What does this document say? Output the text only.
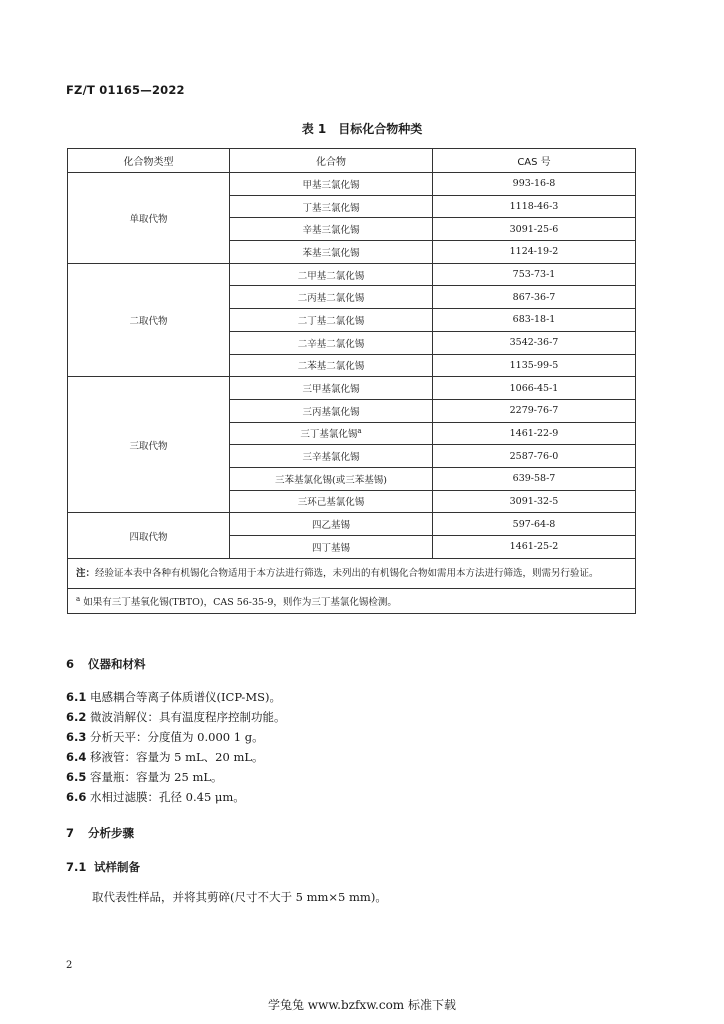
FZ/T 01165—2022
表 1　目标化合物种类
化合物类型	化合物	CAS 号
单取代物	甲基三氯化锡	993-16-8
	丁基三氯化锡	1118-46-3
	辛基三氯化锡	3091-25-6
	苯基三氯化锡	1124-19-2
二取代物	二甲基二氯化锡	753-73-1
	二丙基二氯化锡	867-36-7
	二丁基二氯化锡	683-18-1
	二辛基二氯化锡	3542-36-7
	二苯基二氯化锡	1135-99-5
三取代物	三甲基氯化锡	1066-45-1
	三丙基氯化锡	2279-76-7
	三丁基氯化锡$^a$	1461-22-9
	三辛基氯化锡	2587-76-0
	三苯基氯化锡(或三苯基锡)	639-58-7
	三环己基氯化锡	3091-32-5
四取代物	四乙基锡	597-64-8
	四丁基锡	1461-25-2
注：经验证本表中各种有机锡化合物适用于本方法进行筛选，未列出的有机锡化合物如需用本方法进行筛选，则需另行验证。		
$^a$ 如果有三丁基氧化锡(TBTO)，CAS 56-35-9，则作为三丁基氯化锡检测。		
6 仪器和材料
6.1 电感耦合等离子体质谱仪(ICP-MS)。
6.2 微波消解仪：具有温度程序控制功能。
6.3 分析天平：分度值为 0.000 1 g。
6.4 移液管：容量为 5 mL、20 mL。
6.5 容量瓶：容量为 25 mL。
6.6 水相过滤膜：孔径 0.45 μm。
7 分析步骤
7.1 试样制备
取代表性样品，并将其剪碎(尺寸不大于 5 mm×5 mm)。
2
学兔兔 www.bzfxw.com 标准下载
